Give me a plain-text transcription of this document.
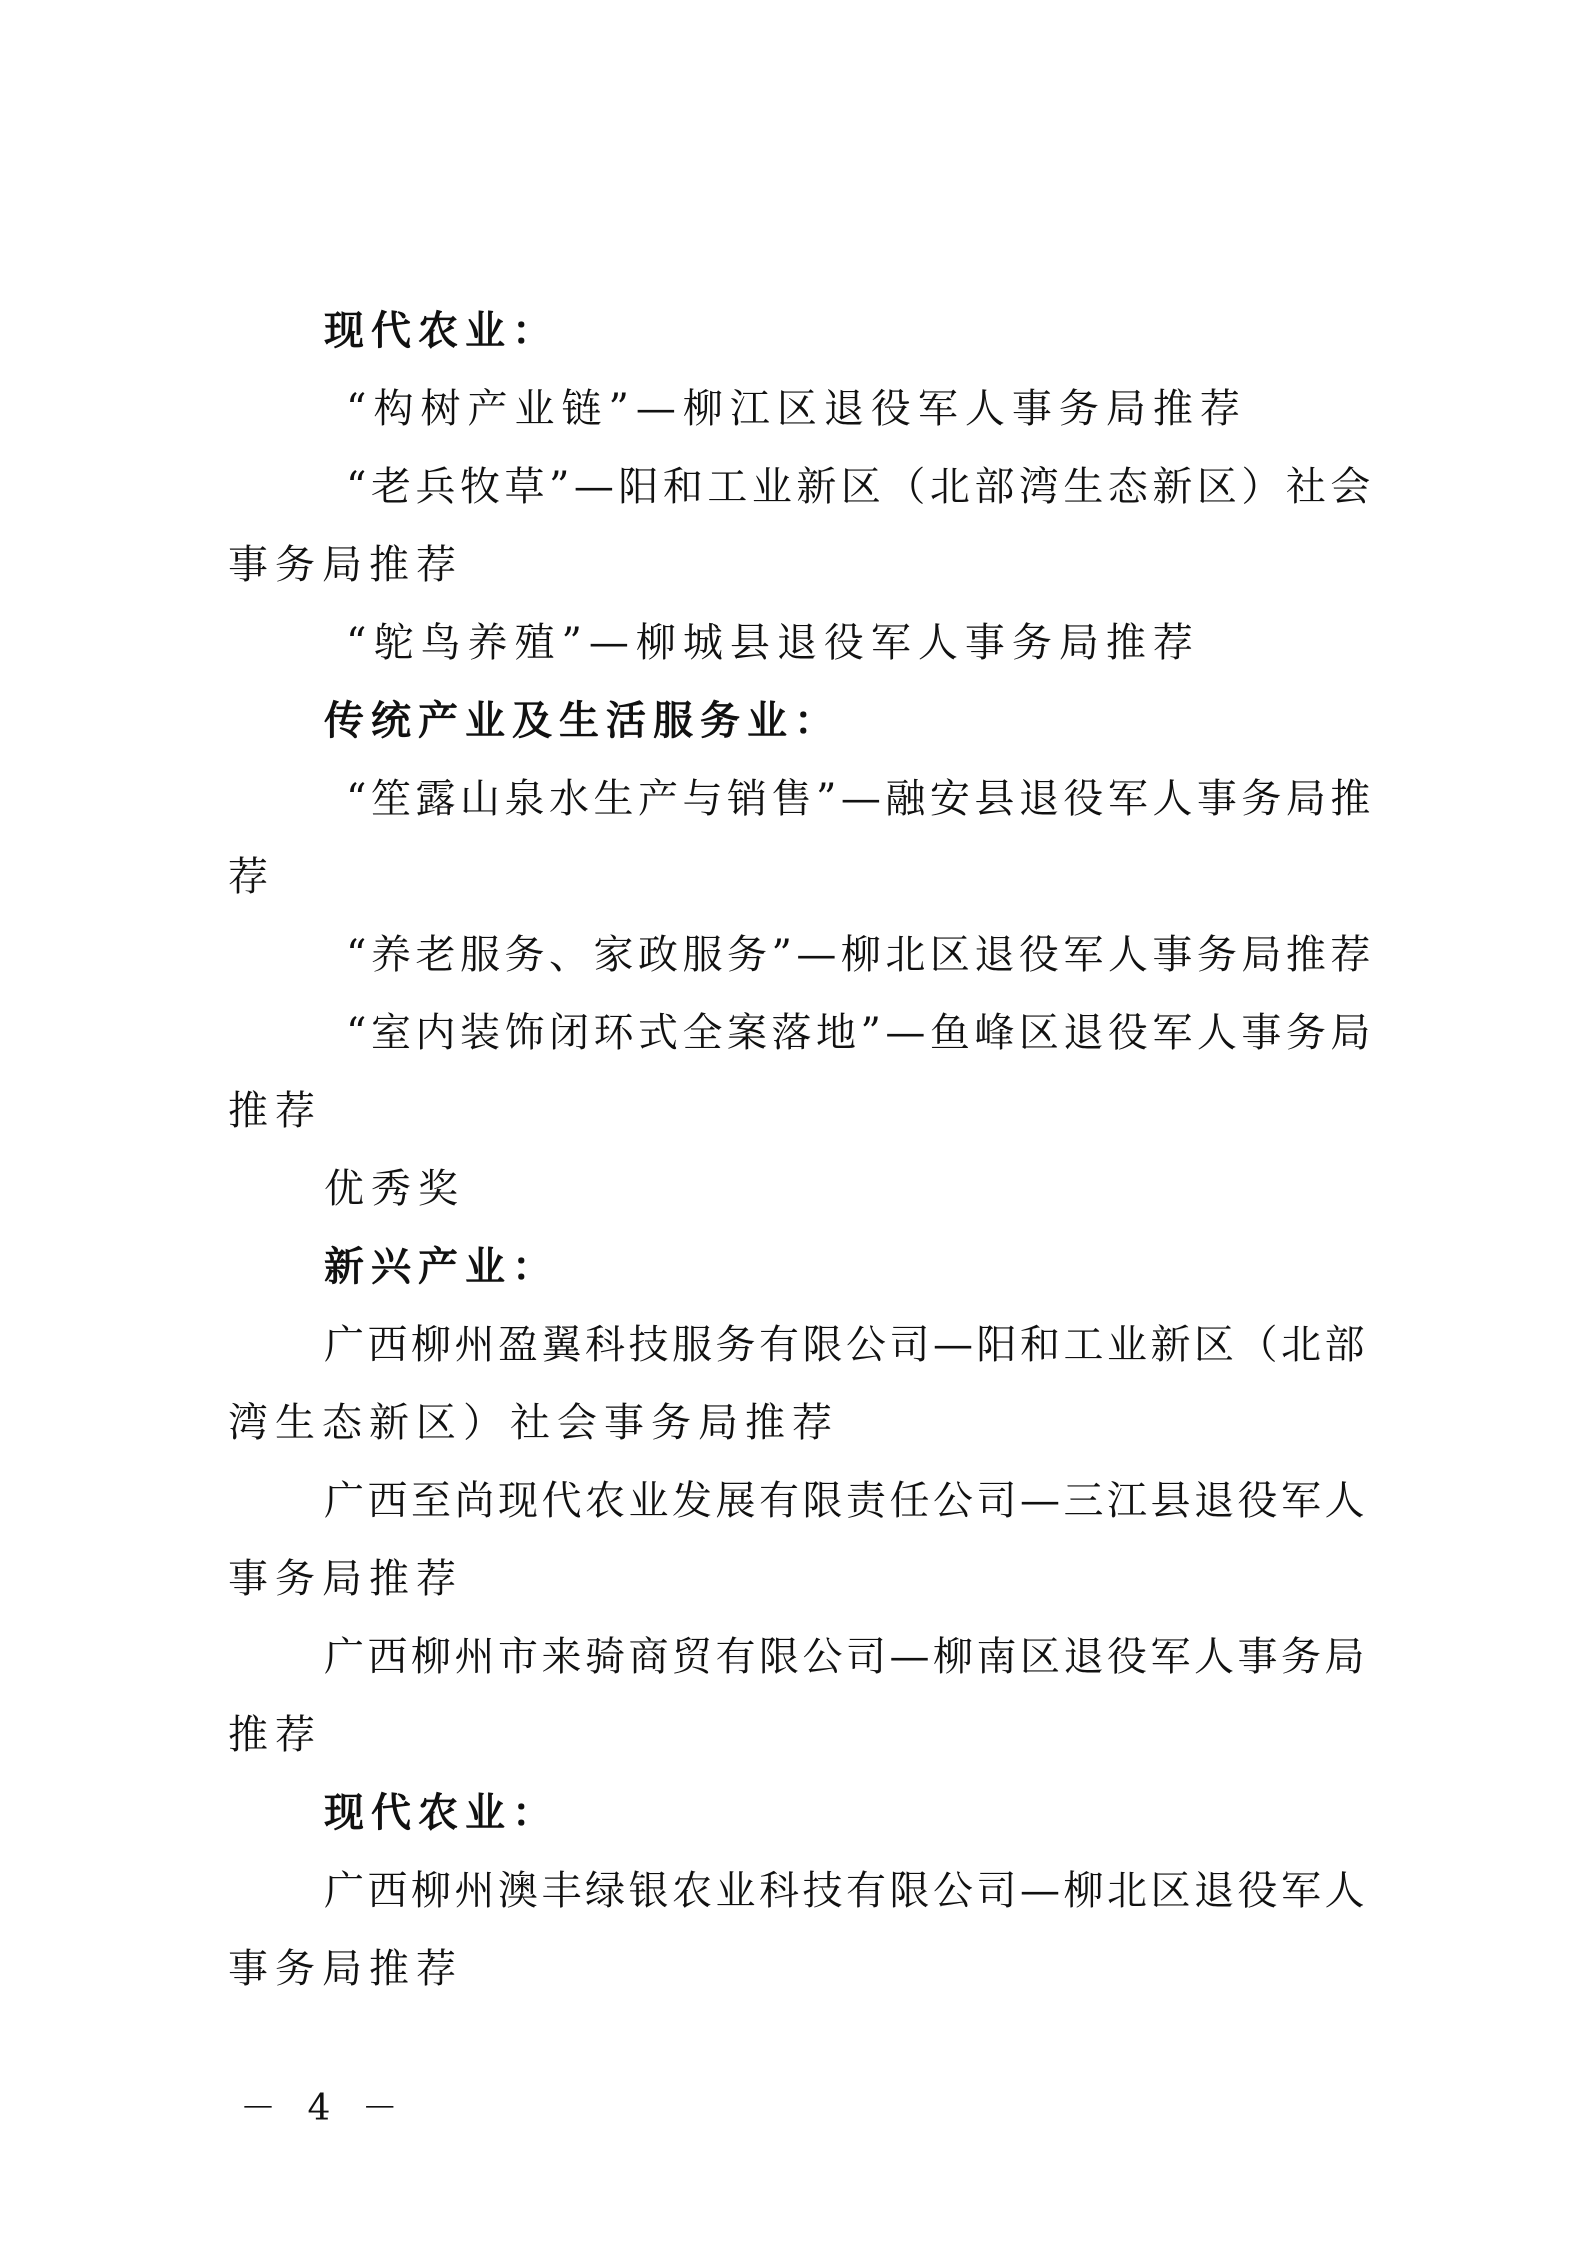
现代农业：

“构树产业链”—柳江区退役军人事务局推荐

“老兵牧草”—阳和工业新区（北部湾生态新区）社会

事务局推荐

“鸵鸟养殖”—柳城县退役军人事务局推荐

传统产业及生活服务业：

“笙露山泉水生产与销售”—融安县退役军人事务局推

荐

“养老服务、家政服务”—柳北区退役军人事务局推荐

“室内装饰闭环式全案落地”—鱼峰区退役军人事务局

推荐

优秀奖

新兴产业：

广西柳州盈翼科技服务有限公司—阳和工业新区（北部

湾生态新区）社会事务局推荐

广西至尚现代农业发展有限责任公司—三江县退役军人

事务局推荐

广西柳州市来骑商贸有限公司—柳南区退役军人事务局

推荐

现代农业：

广西柳州澳丰绿银农业科技有限公司—柳北区退役军人

事务局推荐

－ 4 －
